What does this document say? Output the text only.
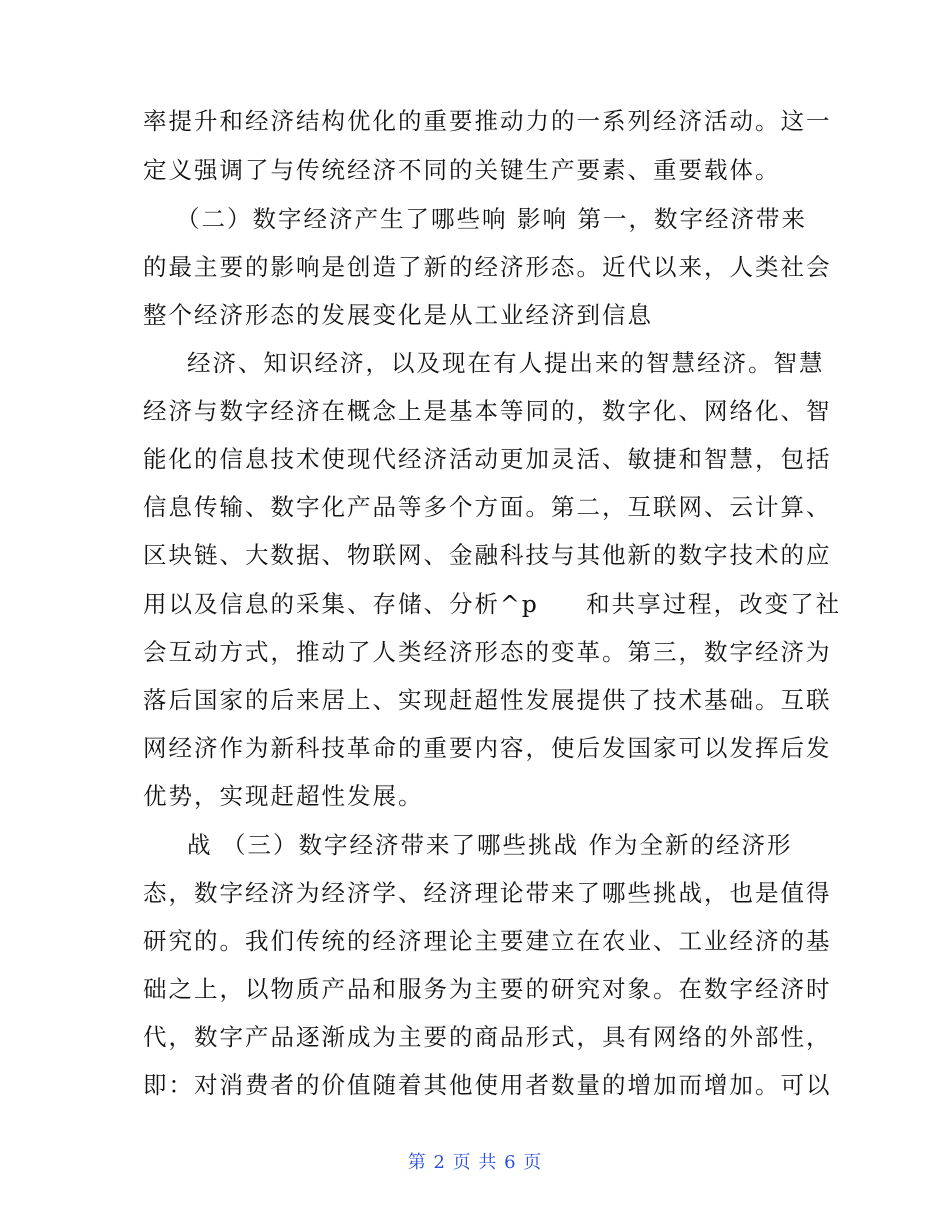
率提升和经济结构优化的重要推动力的一系列经济活动。这一
定义强调了与传统经济不同的关键生产要素、重要载体。
（二）数字经济产生了哪些响 影响 第一，数字经济带来
的最主要的影响是创造了新的经济形态。近代以来，人类社会
整个经济形态的发展变化是从工业经济到信息
经济、知识经济，以及现在有人提出来的智慧经济。智慧
经济与数字经济在概念上是基本等同的，数字化、网络化、智
能化的信息技术使现代经济活动更加灵活、敏捷和智慧，包括
信息传输、数字化产品等多个方面。第二，互联网、云计算、
区块链、大数据、物联网、金融科技与其他新的数字技术的应
用以及信息的采集、存储、分析^p     和共享过程，改变了社
会互动方式，推动了人类经济形态的变革。第三，数字经济为
落后国家的后来居上、实现赶超性发展提供了技术基础。互联
网经济作为新科技革命的重要内容，使后发国家可以发挥后发
优势，实现赶超性发展。
战 （三）数字经济带来了哪些挑战 作为全新的经济形
态，数字经济为经济学、经济理论带来了哪些挑战，也是值得
研究的。我们传统的经济理论主要建立在农业、工业经济的基
础之上，以物质产品和服务为主要的研究对象。在数字经济时
代，数字产品逐渐成为主要的商品形式，具有网络的外部性，
即：对消费者的价值随着其他使用者数量的增加而增加。可以
第 2 页 共 6 页
